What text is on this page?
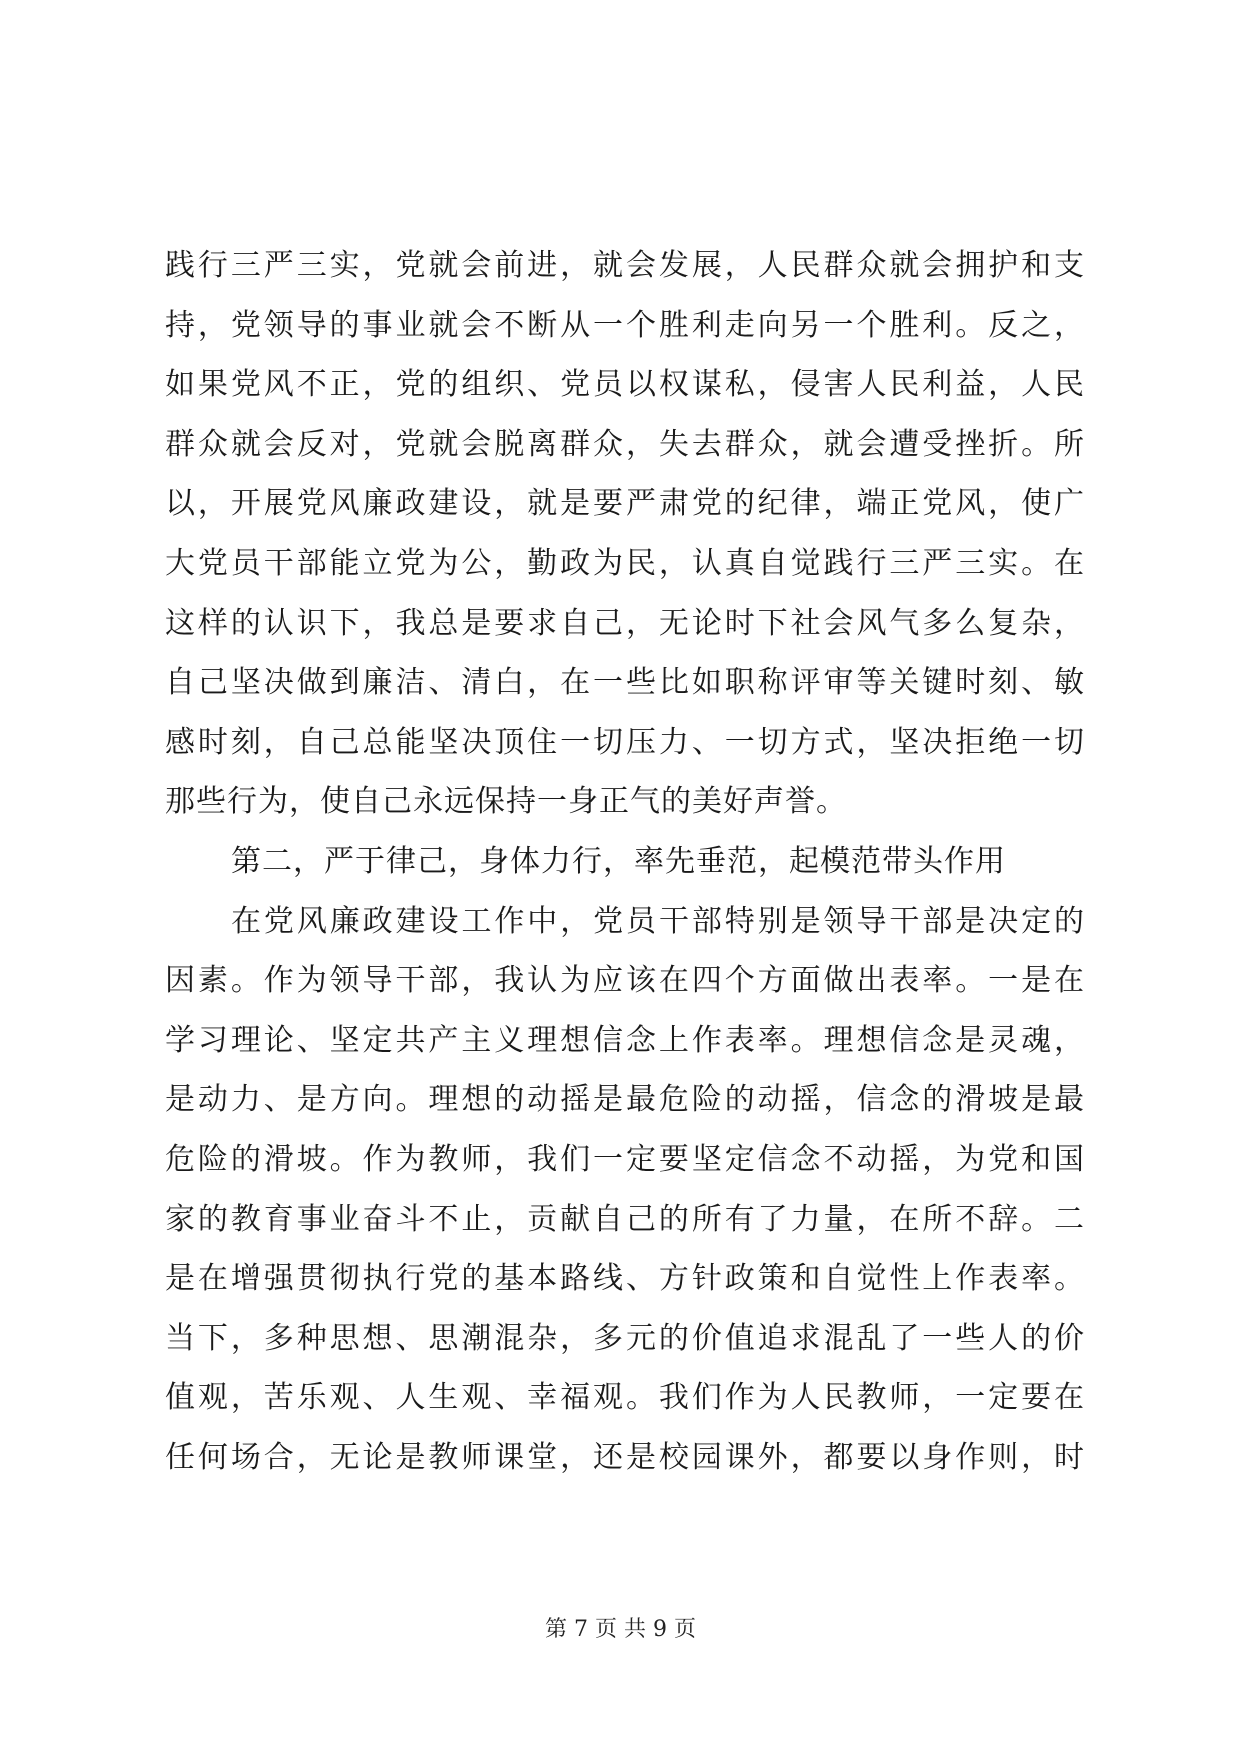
践行三严三实，党就会前进，就会发展，人民群众就会拥护和支
持，党领导的事业就会不断从一个胜利走向另一个胜利。反之，
如果党风不正，党的组织、党员以权谋私，侵害人民利益，人民
群众就会反对，党就会脱离群众，失去群众，就会遭受挫折。所
以，开展党风廉政建设，就是要严肃党的纪律，端正党风，使广
大党员干部能立党为公，勤政为民，认真自觉践行三严三实。在
这样的认识下，我总是要求自己，无论时下社会风气多么复杂，
自己坚决做到廉洁、清白，在一些比如职称评审等关键时刻、敏
感时刻，自己总能坚决顶住一切压力、一切方式，坚决拒绝一切
那些行为，使自己永远保持一身正气的美好声誉。
第二，严于律己，身体力行，率先垂范，起模范带头作用
在党风廉政建设工作中，党员干部特别是领导干部是决定的
因素。作为领导干部，我认为应该在四个方面做出表率。一是在
学习理论、坚定共产主义理想信念上作表率。理想信念是灵魂，
是动力、是方向。理想的动摇是最危险的动摇，信念的滑坡是最
危险的滑坡。作为教师，我们一定要坚定信念不动摇，为党和国
家的教育事业奋斗不止，贡献自己的所有了力量，在所不辞。二
是在增强贯彻执行党的基本路线、方针政策和自觉性上作表率。
当下，多种思想、思潮混杂，多元的价值追求混乱了一些人的价
值观，苦乐观、人生观、幸福观。我们作为人民教师，一定要在
任何场合，无论是教师课堂，还是校园课外，都要以身作则，时
第 7 页 共 9 页
